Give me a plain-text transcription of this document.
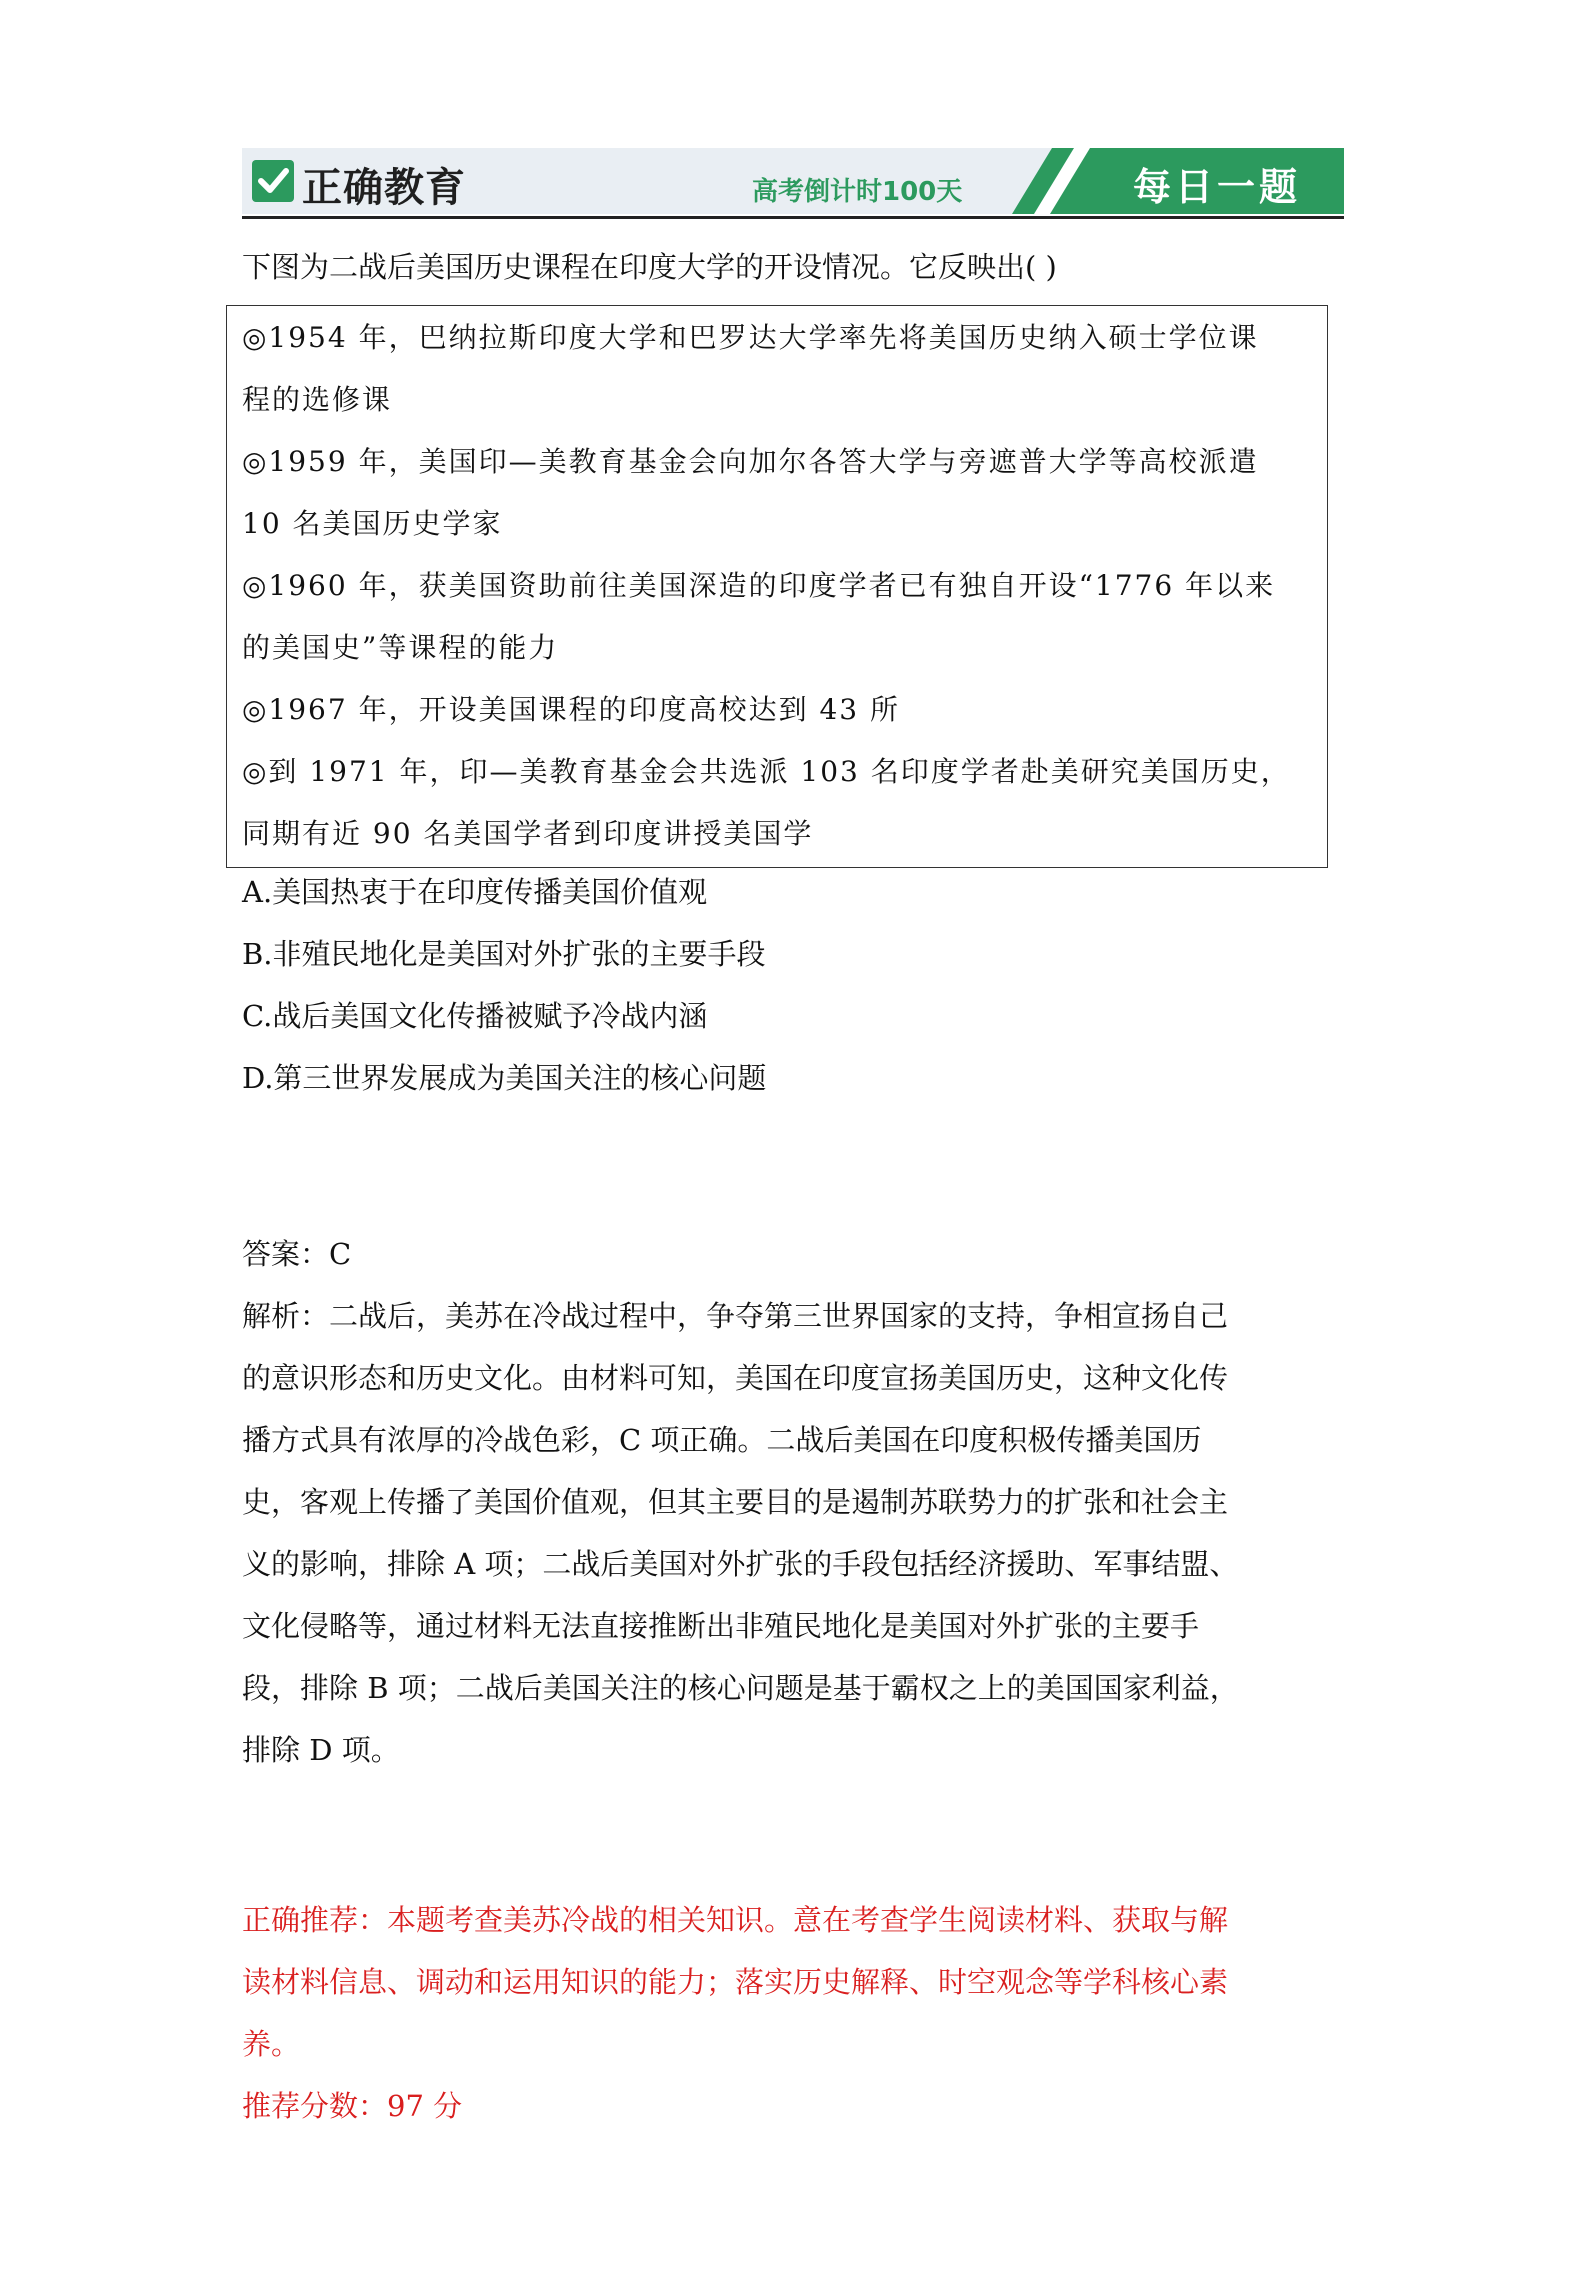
正确教育	高考倒计时100天	每日一题
下图为二战后美国历史课程在印度大学的开设情况。它反映出( )
◎1954 年，巴纳拉斯印度大学和巴罗达大学率先将美国历史纳入硕士学位课
程的选修课
◎1959 年，美国印—美教育基金会向加尔各答大学与旁遮普大学等高校派遣
10 名美国历史学家
◎1960 年，获美国资助前往美国深造的印度学者已有独自开设“1776 年以来
的美国史”等课程的能力
◎1967 年，开设美国课程的印度高校达到 43 所
◎到 1971 年，印—美教育基金会共选派 103 名印度学者赴美研究美国历史，
同期有近 90 名美国学者到印度讲授美国学
A.美国热衷于在印度传播美国价值观
B.非殖民地化是美国对外扩张的主要手段
C.战后美国文化传播被赋予冷战内涵
D.第三世界发展成为美国关注的核心问题
答案：C
解析：二战后，美苏在冷战过程中，争夺第三世界国家的支持，争相宣扬自己
的意识形态和历史文化。由材料可知，美国在印度宣扬美国历史，这种文化传
播方式具有浓厚的冷战色彩，C 项正确。二战后美国在印度积极传播美国历
史，客观上传播了美国价值观，但其主要目的是遏制苏联势力的扩张和社会主
义的影响，排除 A 项；二战后美国对外扩张的手段包括经济援助、军事结盟、
文化侵略等，通过材料无法直接推断出非殖民地化是美国对外扩张的主要手
段，排除 B 项；二战后美国关注的核心问题是基于霸权之上的美国国家利益，
排除 D 项。
正确推荐：本题考查美苏冷战的相关知识。意在考查学生阅读材料、获取与解
读材料信息、调动和运用知识的能力；落实历史解释、时空观念等学科核心素
养。
推荐分数：97 分
